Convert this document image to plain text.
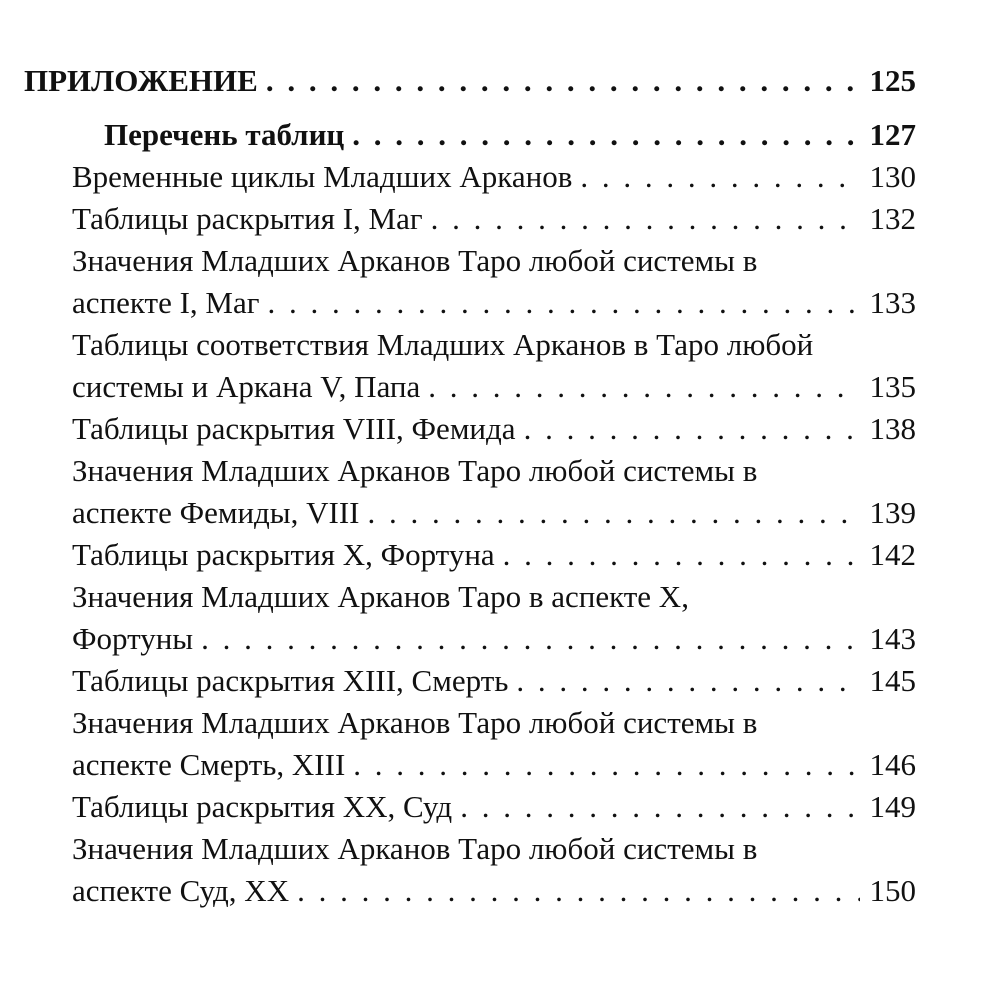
ПРИЛОЖЕНИЕ . . .	125
Перечень таблиц . . .	127
Временные циклы Младших Арканов . . .	130
Таблицы раскрытия I, Маг . . .	132
Значения Младших Арканов Таро любой системы в
аспекте I, Маг . . .	133
Таблицы соответствия Младших Арканов в Таро любой
системы и Аркана V, Папа . . .	135
Таблицы раскрытия VIII, Фемида . . .	138
Значения Младших Арканов Таро любой системы в
аспекте Фемиды, VIII . . .	139
Таблицы раскрытия X, Фортуна . . .	142
Значения Младших Арканов Таро в аспекте X,
Фортуны . . .	143
Таблицы раскрытия XIII, Смерть . . .	145
Значения Младших Арканов Таро любой системы в
аспекте Смерть, XIII . . .	146
Таблицы раскрытия XX, Суд . . .	149
Значения Младших Арканов Таро любой системы в
аспекте Суд, XX . . .	150
